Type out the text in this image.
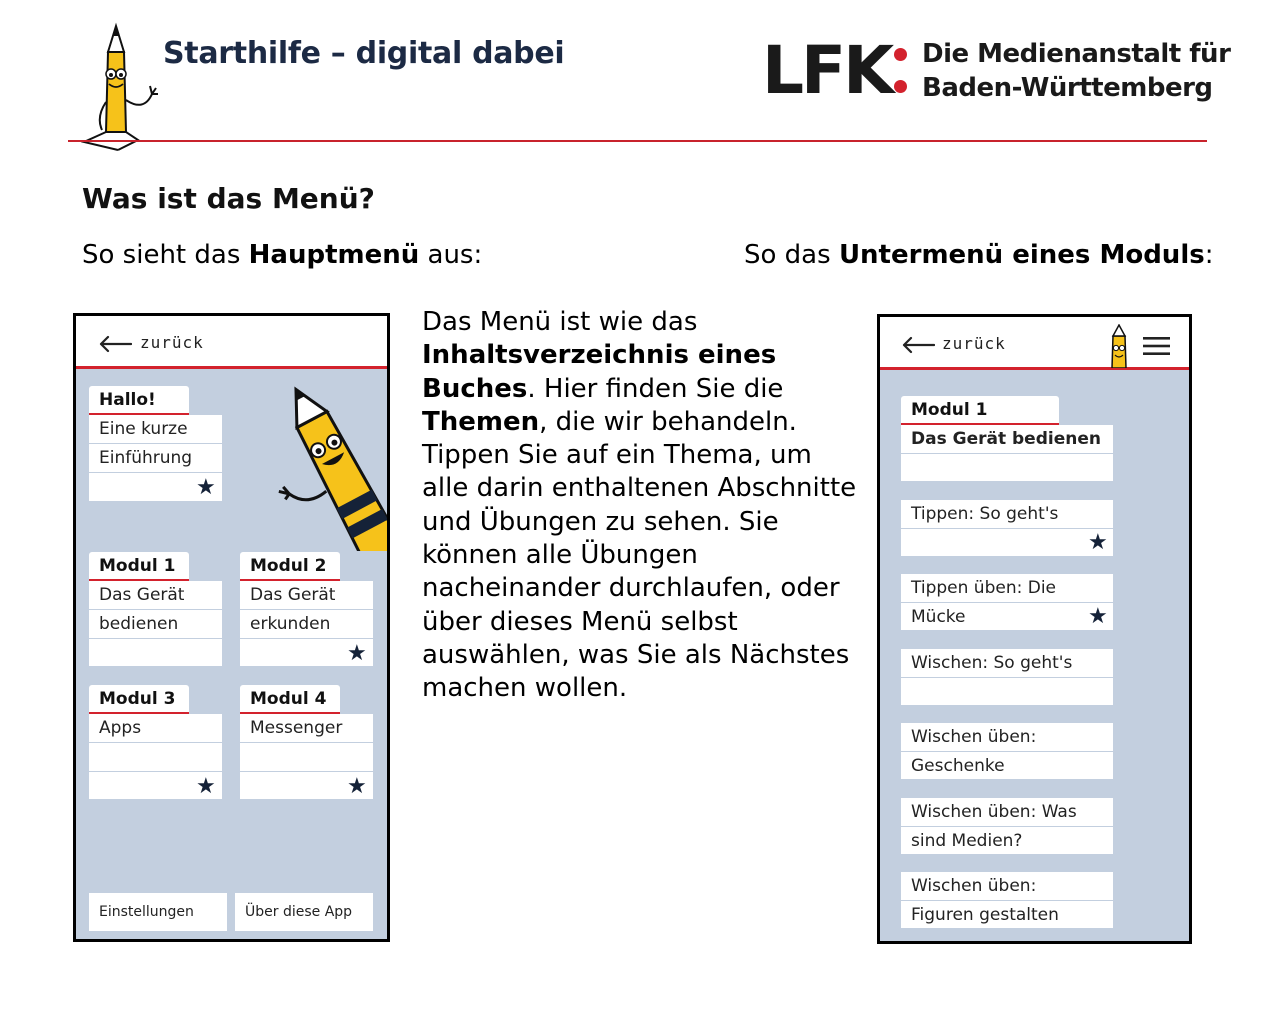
Starthilfe – digital dabei	LFK Die Medienanstalt für
Baden-Württemberg
Was ist das Menü?
So sieht das Hauptmenü aus:	So das Untermenü eines Moduls:
Das Menü ist wie das Inhaltsverzeichnis eines Buches. Hier finden Sie die Themen, die wir behandeln. Tippen Sie auf ein Thema, um alle darin enthaltenen Abschnitte und Übungen zu sehen. Sie können alle Übungen nacheinander durchlaufen, oder über dieses Menü selbst auswählen, was Sie als Nächstes machen wollen.
zurück
Hallo!
Eine kurze
Einführung
★
Modul 1
Das Gerät
bedienen
Modul 2
Das Gerät
erkunden
★
Modul 3
Apps
★
Modul 4
Messenger
★
Einstellungen	Über diese App
zurück
Modul 1
Das Gerät bedienen
Tippen: So geht's
★
Tippen üben: Die
Mücke	★
Wischen: So geht's
Wischen üben:
Geschenke
Wischen üben: Was
sind Medien?
Wischen üben:
Figuren gestalten
